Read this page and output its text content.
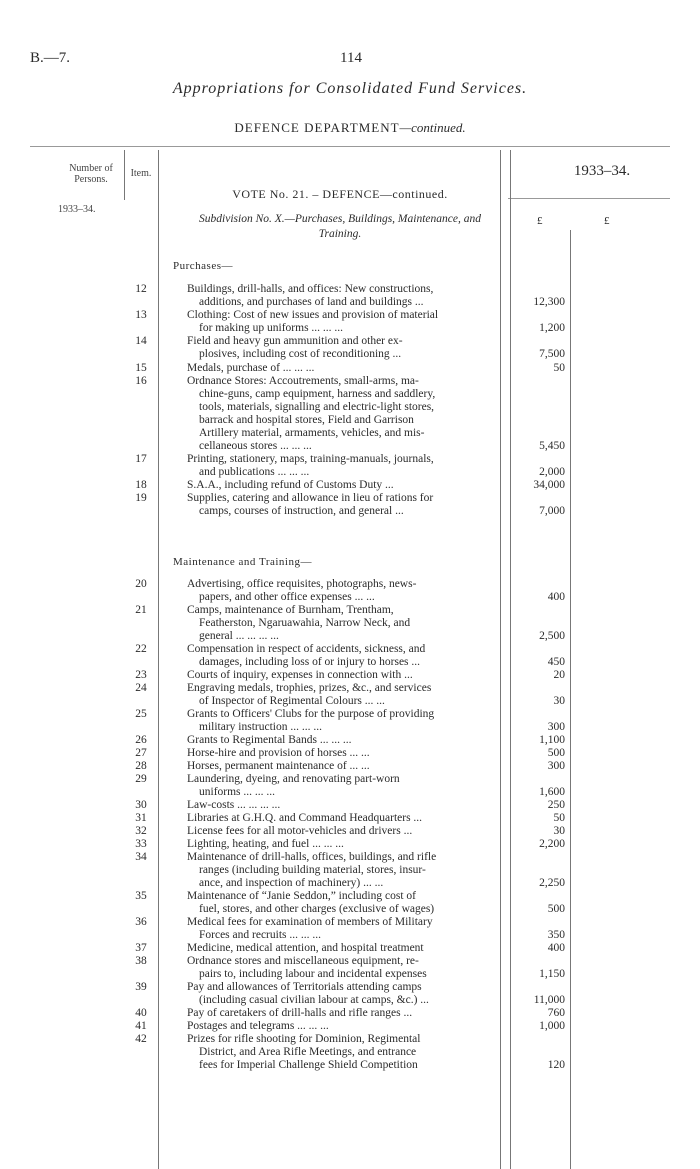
B.—7.	114
Appropriations for Consolidated Fund Services.
DEFENCE DEPARTMENT—continued.
Number of Persons.
Item.
1933–34.
1933–34.
£	£
VOTE No. 21. – DEFENCE—continued.
Subdivision No. X.—Purchases, Buildings, Maintenance, and Training.
Purchases—
12	Buildings, drill-halls, and offices: New constructions,
additions, and purchases of land and buildings ...	12,300
13	Clothing: Cost of new issues and provision of material
for making up uniforms ... ... ...	1,200
14	Field and heavy gun ammunition and other ex-
plosives, including cost of reconditioning ...	7,500
15	Medals, purchase of ... ... ...	50
16	Ordnance Stores: Accoutrements, small-arms, ma-
chine-guns, camp equipment, harness and saddlery,
tools, materials, signalling and electric-light stores,
barrack and hospital stores, Field and Garrison
Artillery material, armaments, vehicles, and mis-
cellaneous stores ... ... ...	5,450
17	Printing, stationery, maps, training-manuals, journals,
and publications ... ... ...	2,000
18	S.A.A., including refund of Customs Duty ...	34,000
19	Supplies, catering and allowance in lieu of rations for
camps, courses of instruction, and general ...	7,000
Maintenance and Training—
20	Advertising, office requisites, photographs, news-
papers, and other office expenses ... ...	400
21	Camps, maintenance of Burnham, Trentham,
Featherston, Ngaruawahia, Narrow Neck, and
general ... ... ... ...	2,500
22	Compensation in respect of accidents, sickness, and
damages, including loss of or injury to horses ...	450
23	Courts of inquiry, expenses in connection with ...	20
24	Engraving medals, trophies, prizes, &c., and services
of Inspector of Regimental Colours ... ...	30
25	Grants to Officers' Clubs for the purpose of providing
military instruction ... ... ...	300
26	Grants to Regimental Bands ... ... ...	1,100
27	Horse-hire and provision of horses ... ...	500
28	Horses, permanent maintenance of ... ...	300
29	Laundering, dyeing, and renovating part-worn
uniforms ... ... ...	1,600
30	Law-costs ... ... ... ...	250
31	Libraries at G.H.Q. and Command Headquarters ...	50
32	License fees for all motor-vehicles and drivers ...	30
33	Lighting, heating, and fuel ... ... ...	2,200
34	Maintenance of drill-halls, offices, buildings, and rifle
ranges (including building material, stores, insur-
ance, and inspection of machinery) ... ...	2,250
35	Maintenance of “Janie Seddon,” including cost of
fuel, stores, and other charges (exclusive of wages)	500
36	Medical fees for examination of members of Military
Forces and recruits ... ... ...	350
37	Medicine, medical attention, and hospital treatment	400
38	Ordnance stores and miscellaneous equipment, re-
pairs to, including labour and incidental expenses	1,150
39	Pay and allowances of Territorials attending camps
(including casual civilian labour at camps, &c.) ...	11,000
40	Pay of caretakers of drill-halls and rifle ranges ...	760
41	Postages and telegrams ... ... ...	1,000
42	Prizes for rifle shooting for Dominion, Regimental
District, and Area Rifle Meetings, and entrance
fees for Imperial Challenge Shield Competition	120
